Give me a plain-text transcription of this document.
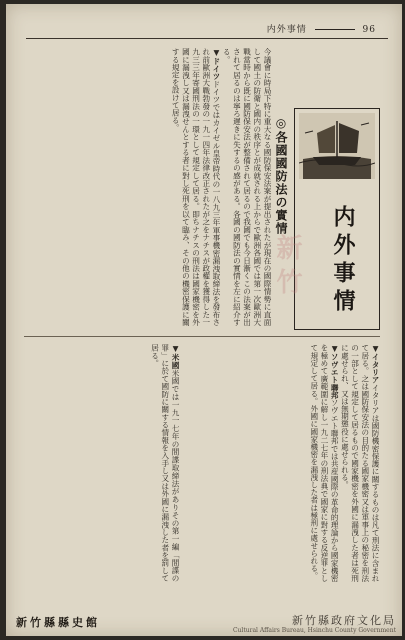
内外事情	96
内外事情
◎各國國防法の實情
新竹
今議會に時局下特に重大なる國防保安法案が提出されたが現在の國際情勢に直面して國土の防衛と國内の秩序とが成就される上からで歐洲各國では第一次歐洲大戰當時から既に國防保安法が整備されて居るので我國でも今日漸くこの法案が出されて居るのは寧ろ遲きに失するの感がある。各國の國防法の實情を左に紹介する。
▼ドイツドイツではカイゼル皇帝時代の一八九三年軍事機密漏洩取締法を發布され前歐洲大戰勃發の一九一四年法律改正されたが之をナチスが政權を獲得した一九三三年寄國刑法の一環として規定して居る。即ちナチスの刑法は國家機密を外國に漏洩し又は漏洩せんとする者に對し死刑を以て臨み、その他の機密保護に關する規定を設けて居る。
▼イタリアイタリアは國防機密保護に關するものは凡て刑法に含まれて居る。之は國防保安法の目的たる國家機密又は軍事上の秘密を刑法の一部として規定して居るもので國家機密を外國に漏洩した者は死刑に處せられ、又は無期懲役に處せられる。
▼ソヴエト聯邦ソヴエト聯邦では共産國際の革命的理論から國家機密を極めて廣範圍に解し一九二七年の刑法典で國家に對する反逆罪として規定して居る。外國に國家機密を漏洩した者は極刑に處せられる。
▼米國米國では一九一七年の間諜取締法がありその第一編「間諜の罪」に於て國防に關する情報を入手し又は外國に漏洩した者を罰して居る。
新竹縣縣史館	新竹縣政府文化局
Cultural Affairs Bureau, Hsinchu County Government
